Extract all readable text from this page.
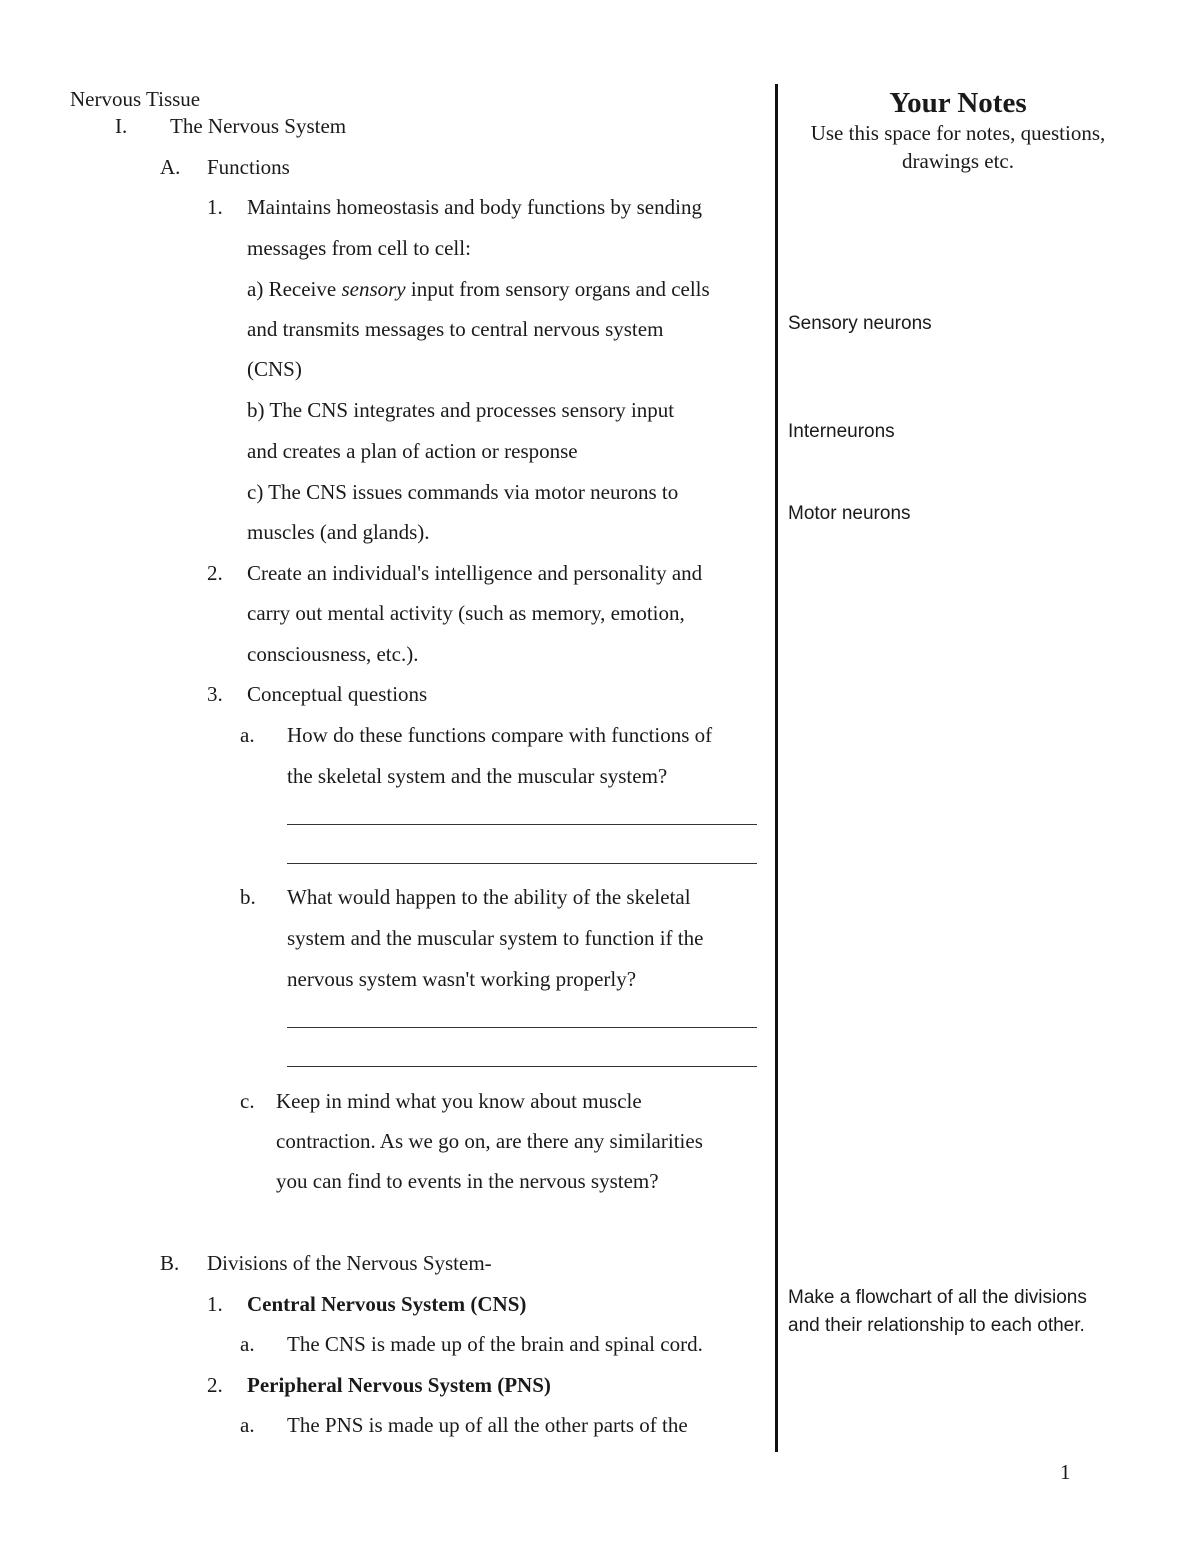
Nervous Tissue
I. The Nervous System
A. Functions
1. Maintains homeostasis and body functions by sending
messages from cell to cell:
a) Receive sensory input from sensory organs and cells
and transmits messages to central nervous system
(CNS)
b) The CNS integrates and processes sensory input
and creates a plan of action or response
c) The CNS issues commands via motor neurons to
muscles (and glands).
2. Create an individual's intelligence and personality and
carry out mental activity (such as memory, emotion,
consciousness, etc.).
3. Conceptual questions
a. How do these functions compare with functions of
the skeletal system and the muscular system?
b. What would happen to the ability of the skeletal
system and the muscular system to function if the
nervous system wasn't working properly?
c. Keep in mind what you know about muscle
contraction. As we go on, are there any similarities
you can find to events in the nervous system?
B. Divisions of the Nervous System-
1. Central Nervous System (CNS)
a. The CNS is made up of the brain and spinal cord.
2. Peripheral Nervous System (PNS)
a. The PNS is made up of all the other parts of the
Your Notes
Use this space for notes, questions,
drawings etc.
Sensory neurons
Interneurons
Motor neurons
Make a flowchart of all the divisions
and their relationship to each other.
1
